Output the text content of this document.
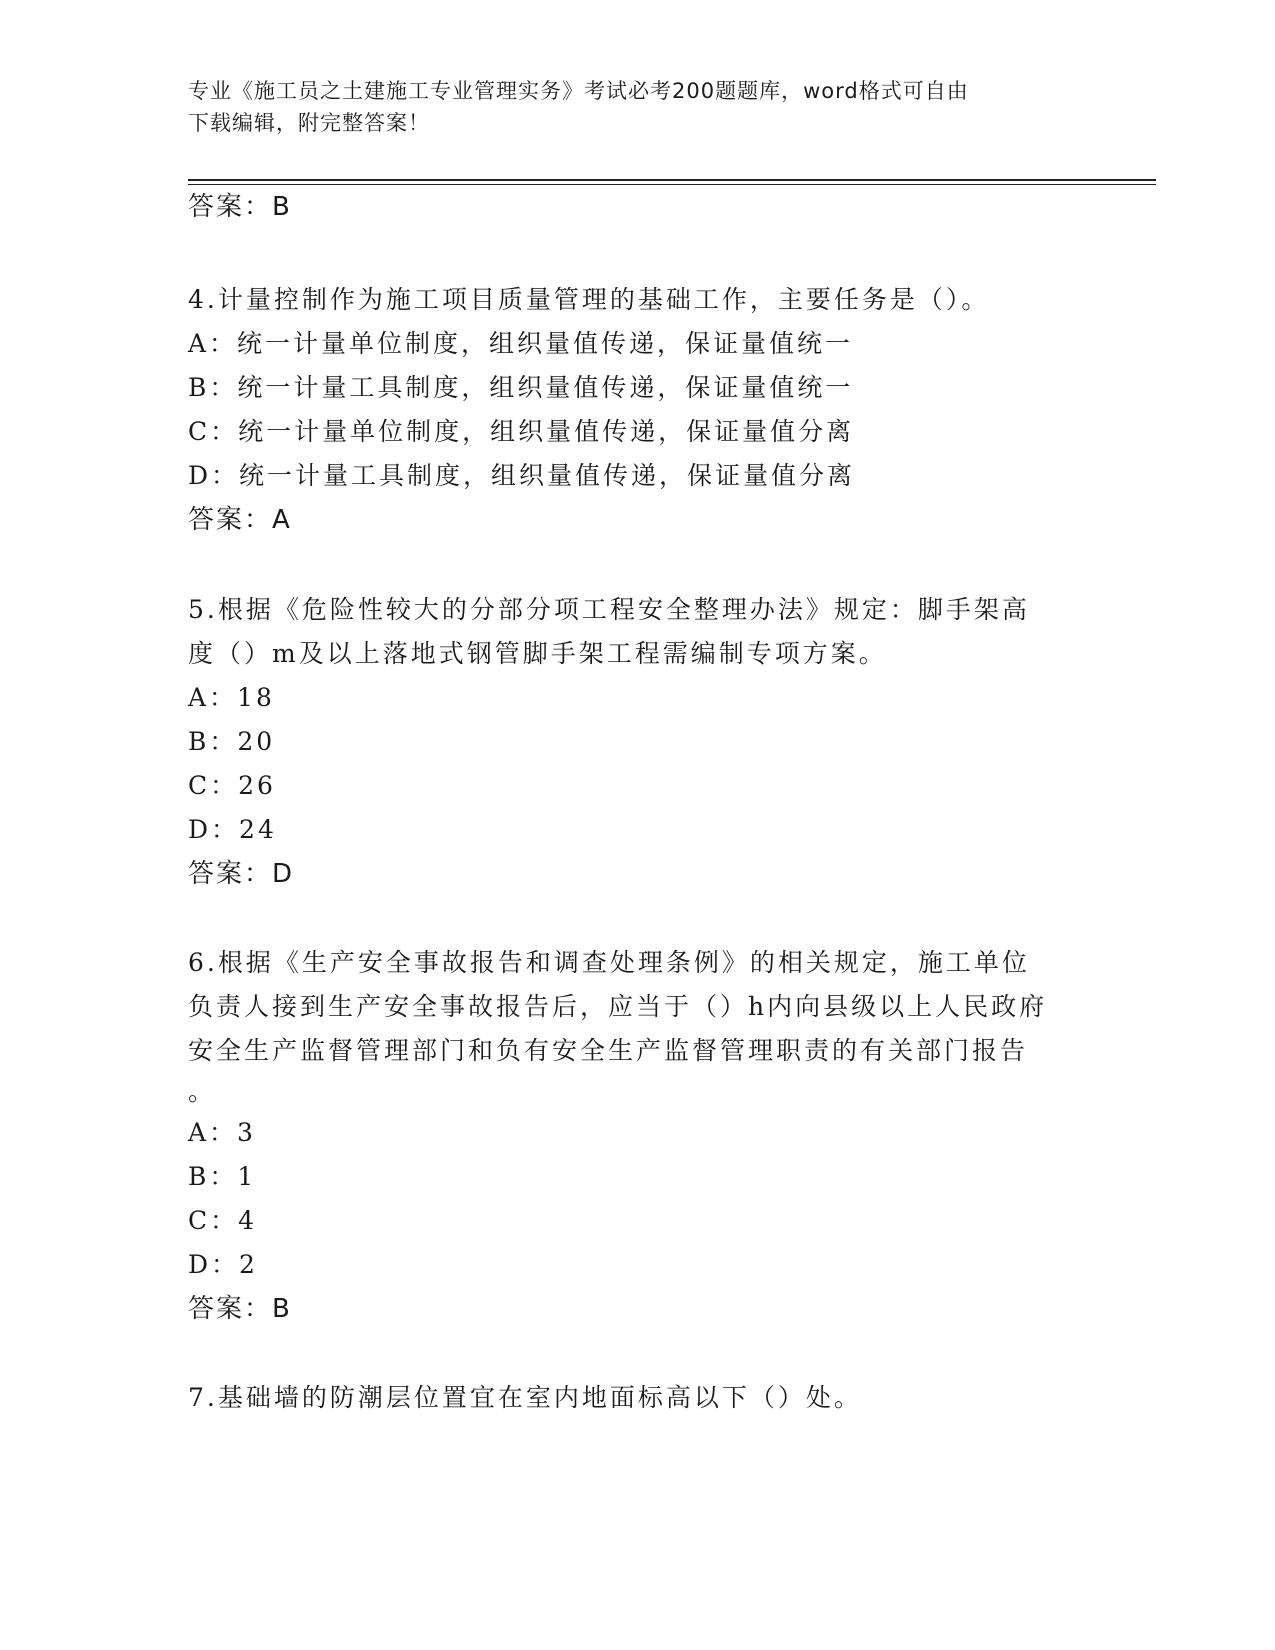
专业《施工员之土建施工专业管理实务》考试必考200题题库，word格式可自由
下载编辑，附完整答案！
答案：B
4.计量控制作为施工项目质量管理的基础工作，主要任务是（）。
A：统一计量单位制度，组织量值传递，保证量值统一
B：统一计量工具制度，组织量值传递，保证量值统一
C：统一计量单位制度，组织量值传递，保证量值分离
D：统一计量工具制度，组织量值传递，保证量值分离
答案：A
5.根据《危险性较大的分部分项工程安全整理办法》规定：脚手架高
度（）m及以上落地式钢管脚手架工程需编制专项方案。
A：18
B：20
C：26
D：24
答案：D
6.根据《生产安全事故报告和调查处理条例》的相关规定，施工单位
负责人接到生产安全事故报告后，应当于（）h内向县级以上人民政府
安全生产监督管理部门和负有安全生产监督管理职责的有关部门报告
。
A：3
B：1
C：4
D：2
答案：B
7.基础墙的防潮层位置宜在室内地面标高以下（）处。
